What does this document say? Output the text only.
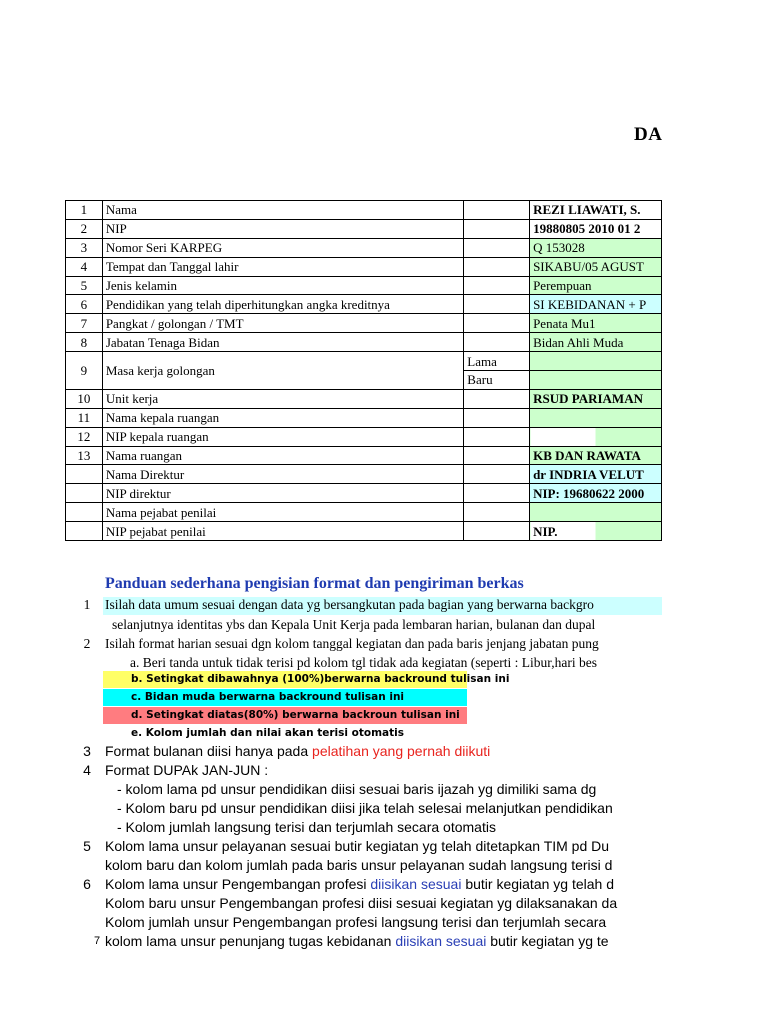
DA
1	Nama		REZI LIAWATI, S.
2	NIP		19880805 2010 01 2
3	Nomor Seri KARPEG		Q 153028
4	Tempat dan Tanggal lahir		SIKABU/05 AGUST
5	Jenis kelamin		Perempuan
6	Pendidikan yang telah diperhitungkan angka kreditnya		SI KEBIDANAN + P
7	Pangkat / golongan / TMT		Penata Mu1
8	Jabatan Tenaga Bidan		Bidan Ahli Muda
9	Masa kerja golongan	Lama	
		Baru	
10	Unit kerja		RSUD PARIAMAN
11	Nama kepala ruangan		
12	NIP kepala ruangan		
13	Nama ruangan		KB DAN RAWATA
	Nama Direktur		dr INDRIA VELUT
	NIP direktur		NIP: 19680622 2000
	Nama pejabat penilai		
	NIP pejabat penilai		NIP.
Panduan sederhana pengisian format dan pengiriman berkas
1 Isilah data umum sesuai dengan data yg bersangkutan pada bagian yang berwarna backgro
selanjutnya identitas ybs dan Kepala Unit Kerja pada lembaran harian, bulanan dan dupal
2 Isilah format harian sesuai dgn kolom tanggal kegiatan dan pada baris jenjang jabatan pung
a. Beri tanda untuk tidak terisi pd kolom tgl tidak ada kegiatan (seperti : Libur,hari bes
b. Setingkat dibawahnya (100%)berwarna backround tulisan ini
c. Bidan muda berwarna backround tulisan ini
d. Setingkat diatas(80%) berwarna backroun tulisan ini
e. Kolom jumlah dan nilai akan terisi otomatis
3 Format bulanan diisi hanya pada pelatihan yang pernah diikuti
4 Format DUPAk JAN-JUN :
- kolom lama pd unsur pendidikan diisi sesuai baris ijazah yg dimiliki sama dg
- Kolom baru pd unsur pendidikan diisi jika telah selesai melanjutkan pendidikan
- Kolom jumlah langsung terisi dan terjumlah secara otomatis
5 Kolom lama unsur pelayanan sesuai butir kegiatan yg telah ditetapkan TIM pd Du
kolom baru dan kolom jumlah pada baris unsur pelayanan sudah langsung terisi d
6 Kolom lama unsur Pengembangan profesi diisikan sesuai butir kegiatan yg telah d
Kolom baru unsur Pengembangan profesi diisi sesuai kegiatan yg dilaksanakan da
Kolom jumlah unsur Pengembangan profesi langsung terisi dan terjumlah secara
7 kolom lama unsur penunjang tugas kebidanan diisikan sesuai butir kegiatan yg te
